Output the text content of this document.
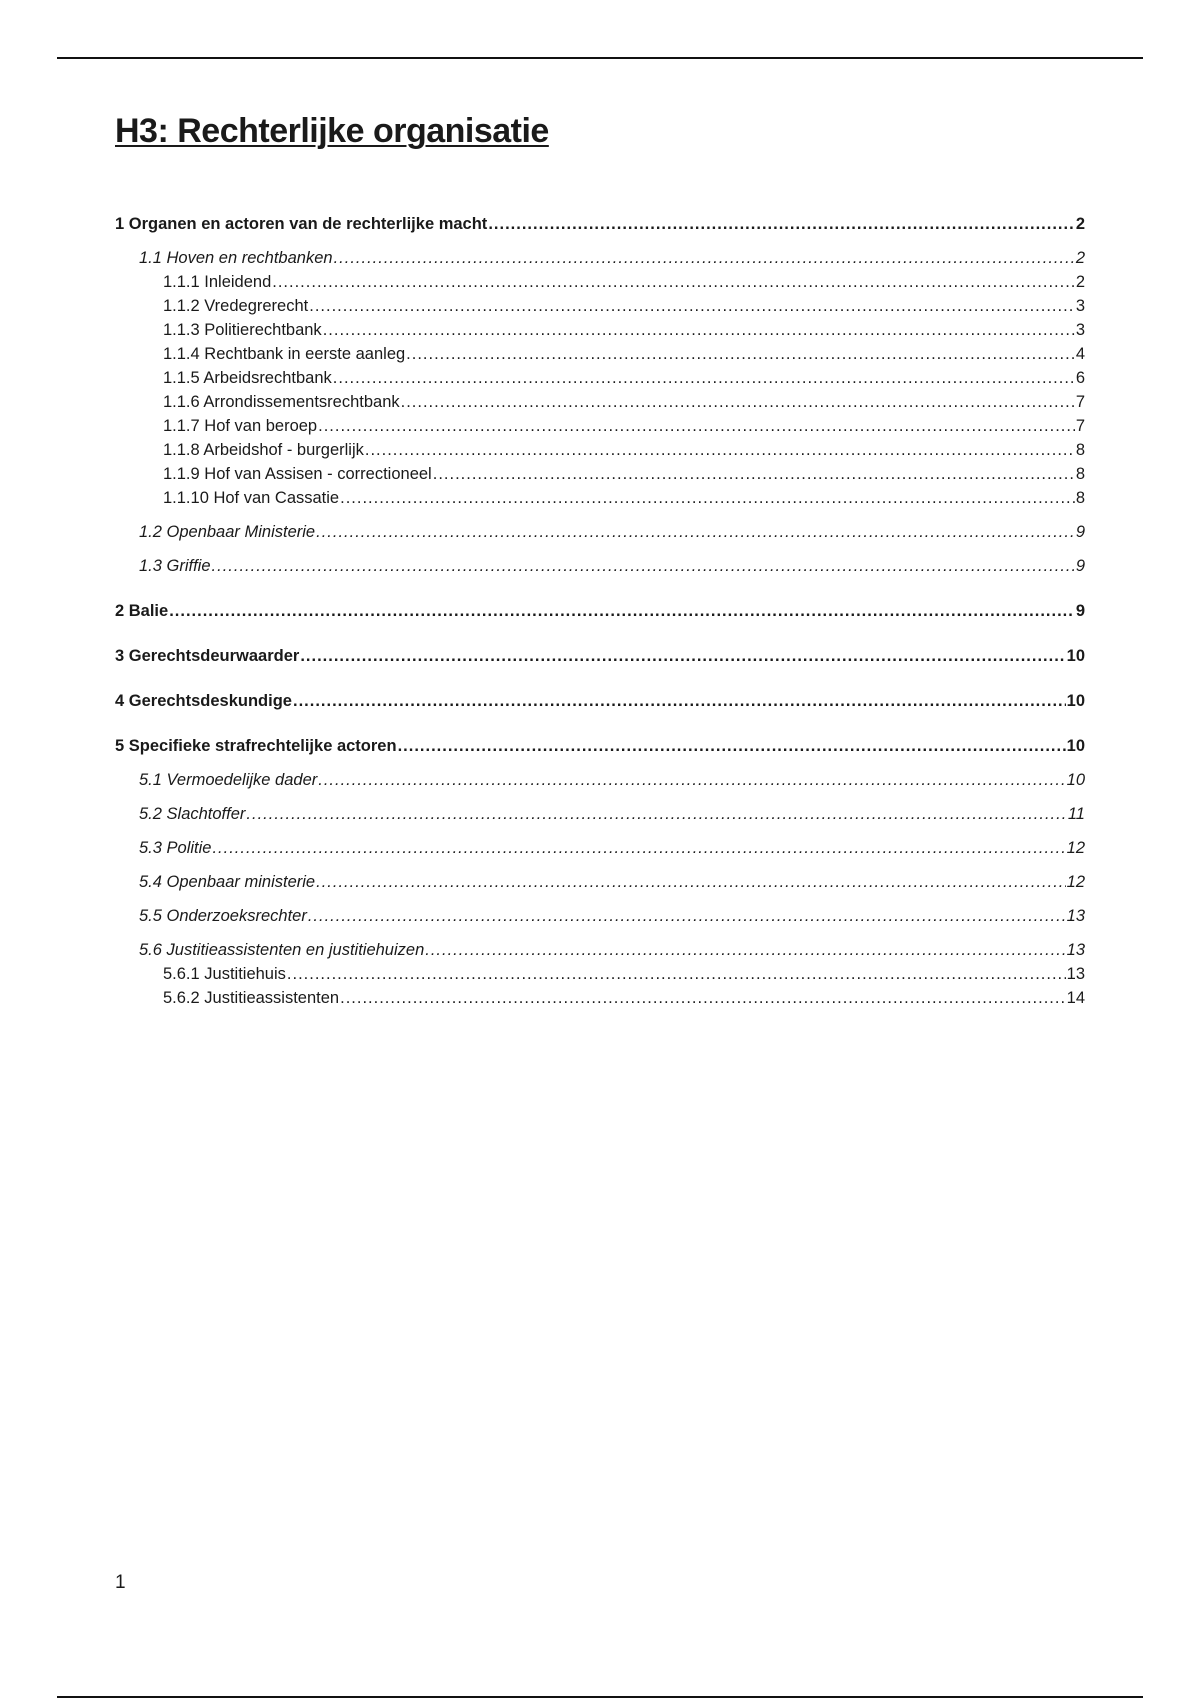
H3: Rechterlijke organisatie
1 Organen en actoren van de rechterlijke macht .....	2
1.1 Hoven en rechtbanken .....	2
1.1.1 Inleidend .....	2
1.1.2 Vredegrerecht .....	3
1.1.3 Politierechtbank .....	3
1.1.4 Rechtbank in eerste aanleg .....	4
1.1.5 Arbeidsrechtbank .....	6
1.1.6 Arrondissementsrechtbank .....	7
1.1.7 Hof van beroep .....	7
1.1.8 Arbeidshof - burgerlijk .....	8
1.1.9 Hof van Assisen - correctioneel .....	8
1.1.10 Hof van Cassatie .....	8
1.2 Openbaar Ministerie .....	9
1.3 Griffie .....	9
2 Balie .....	9
3 Gerechtsdeurwaarder .....	10
4 Gerechtsdeskundige .....	10
5 Specifieke strafrechtelijke actoren .....	10
5.1 Vermoedelijke dader .....	10
5.2 Slachtoffer .....	11
5.3 Politie .....	12
5.4 Openbaar ministerie .....	12
5.5 Onderzoeksrechter .....	13
5.6 Justitieassistenten en justitiehuizen .....	13
5.6.1 Justitiehuis .....	13
5.6.2 Justitieassistenten .....	14
1
